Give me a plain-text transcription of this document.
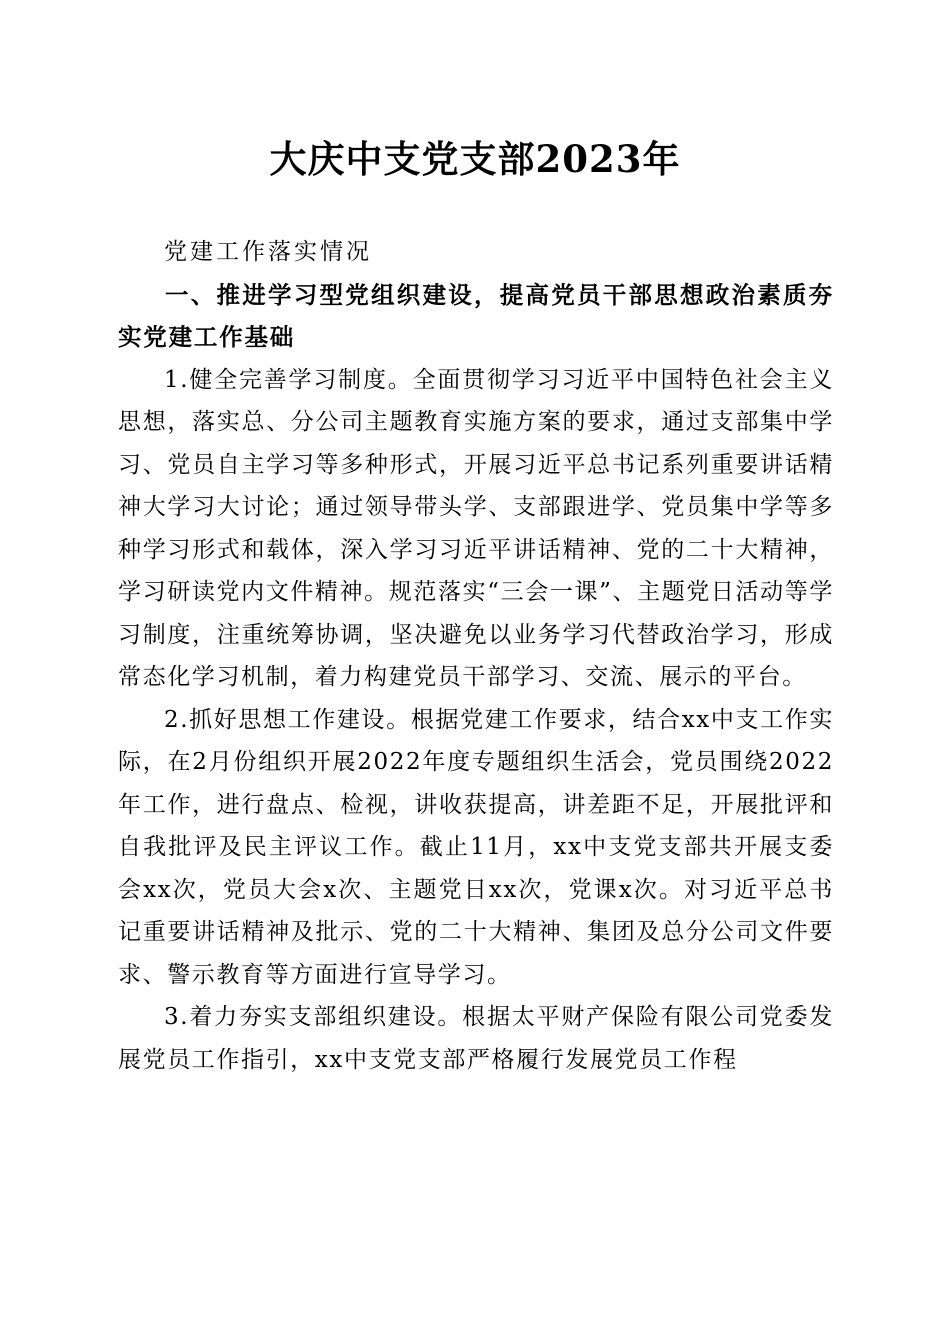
大庆中支党支部2023年

党建工作落实情况

一、推进学习型党组织建设，提高党员干部思想政治素质夯实党建工作基础

1.健全完善学习制度。全面贯彻学习习近平中国特色社会主义思想，落实总、分公司主题教育实施方案的要求，通过支部集中学习、党员自主学习等多种形式，开展习近平总书记系列重要讲话精神大学习大讨论；通过领导带头学、支部跟进学、党员集中学等多种学习形式和载体，深入学习习近平讲话精神、党的二十大精神，学习研读党内文件精神。规范落实“三会一课”、主题党日活动等学习制度，注重统筹协调，坚决避免以业务学习代替政治学习，形成常态化学习机制，着力构建党员干部学习、交流、展示的平台。

2.抓好思想工作建设。根据党建工作要求，结合xx中支工作实际，在2月份组织开展2022年度专题组织生活会，党员围绕2022年工作，进行盘点、检视，讲收获提高，讲差距不足，开展批评和自我批评及民主评议工作。截止11月，xx中支党支部共开展支委会xx次，党员大会x次、主题党日xx次，党课x次。对习近平总书记重要讲话精神及批示、党的二十大精神、集团及总分公司文件要求、警示教育等方面进行宣导学习。

3.着力夯实支部组织建设。根据太平财产保险有限公司党委发展党员工作指引，xx中支党支部严格履行发展党员工作程
